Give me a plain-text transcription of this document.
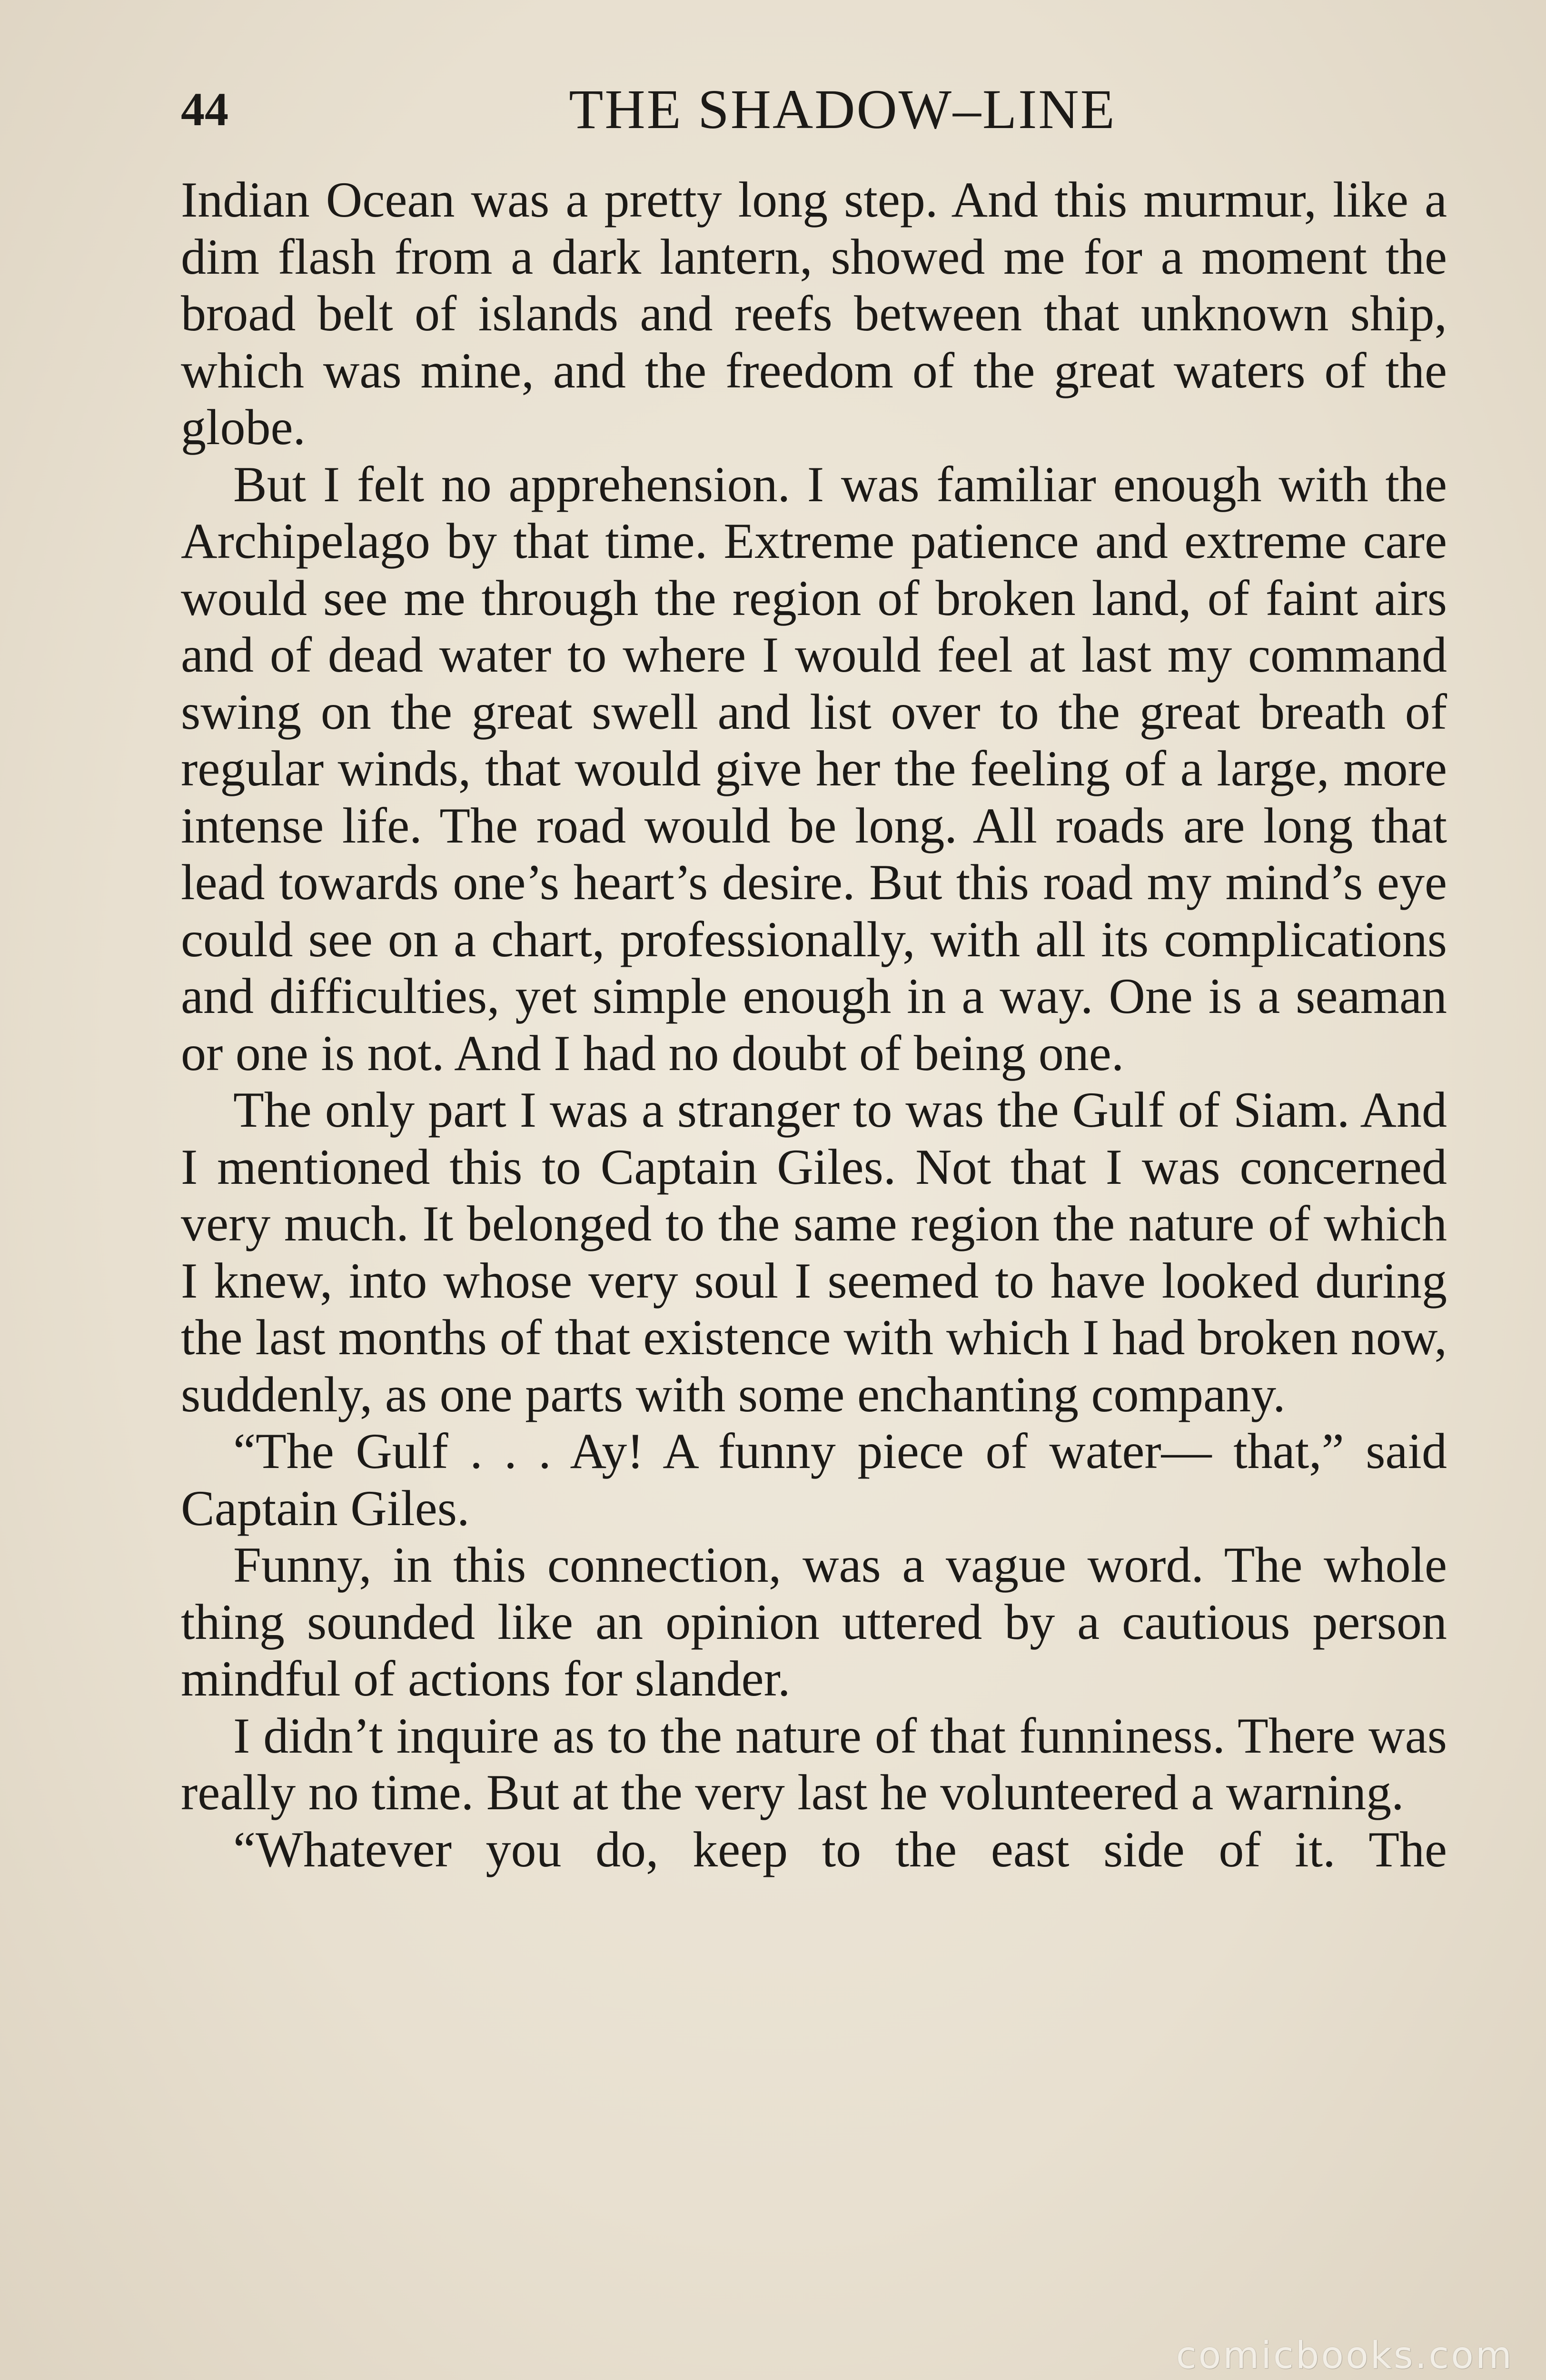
44	THE SHADOW–LINE

Indian Ocean was a pretty long step. And this murmur, like a dim flash from a dark lantern, showed me for a moment the broad belt of islands and reefs between that unknown ship, which was mine, and the freedom of the great waters of the globe.

But I felt no apprehension. I was familiar enough with the Archipelago by that time. Extreme patience and extreme care would see me through the region of broken land, of faint airs and of dead water to where I would feel at last my command swing on the great swell and list over to the great breath of regular winds, that would give her the feeling of a large, more intense life. The road would be long. All roads are long that lead towards one’s heart’s desire. But this road my mind’s eye could see on a chart, professionally, with all its complications and difficulties, yet simple enough in a way. One is a seaman or one is not. And I had no doubt of being one.

The only part I was a stranger to was the Gulf of Siam. And I mentioned this to Captain Giles. Not that I was concerned very much. It belonged to the same region the nature of which I knew, into whose very soul I seemed to have looked during the last months of that existence with which I had broken now, suddenly, as one parts with some enchanting company.

“The Gulf . . . Ay! A funny piece of water— that,” said Captain Giles.

Funny, in this connection, was a vague word. The whole thing sounded like an opinion uttered by a cautious person mindful of actions for slander.

I didn’t inquire as to the nature of that funniness. There was really no time. But at the very last he volunteered a warning.

“Whatever you do, keep to the east side of it. The

comicbooks.com
